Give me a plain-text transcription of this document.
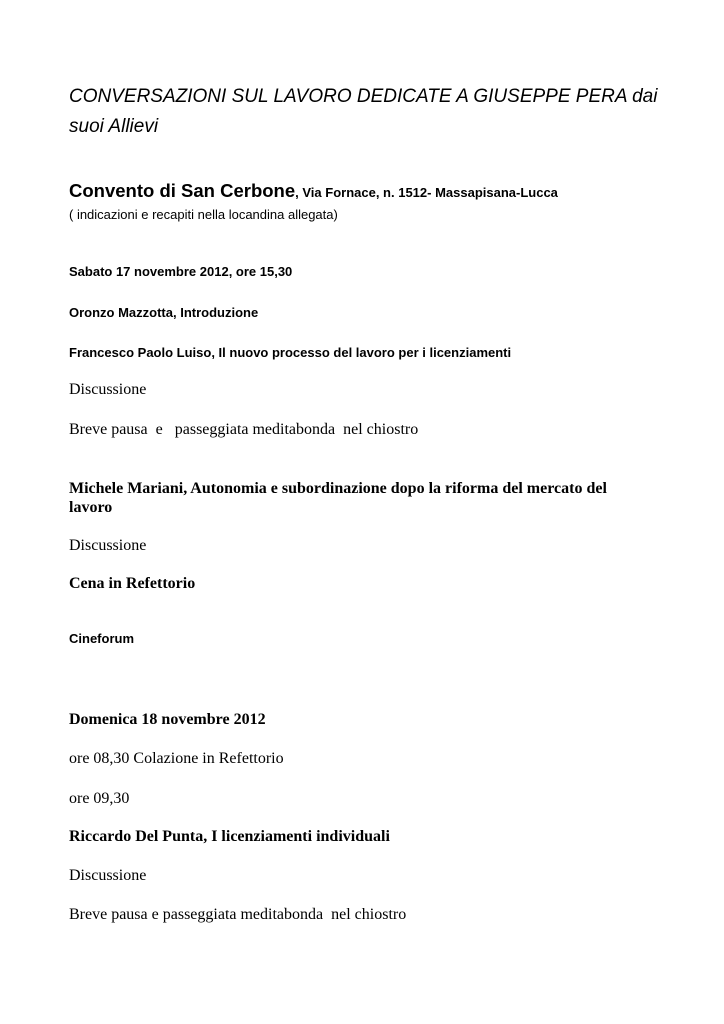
CONVERSAZIONI SUL LAVORO DEDICATE A GIUSEPPE PERA dai suoi Allievi
Convento di San Cerbone, Via Fornace, n. 1512- Massapisana-Lucca
( indicazioni e recapiti nella locandina allegata)
Sabato 17 novembre 2012, ore 15,30
Oronzo Mazzotta, Introduzione
Francesco Paolo Luiso, Il nuovo processo del lavoro per i licenziamenti
Discussione
Breve pausa  e   passeggiata meditabonda  nel chiostro
Michele Mariani, Autonomia e subordinazione dopo la riforma del mercato del lavoro
Discussione
Cena in Refettorio
Cineforum
Domenica 18 novembre 2012
ore 08,30 Colazione in Refettorio
ore 09,30
Riccardo Del Punta, I licenziamenti individuali
Discussione
Breve pausa e passeggiata meditabonda  nel chiostro
